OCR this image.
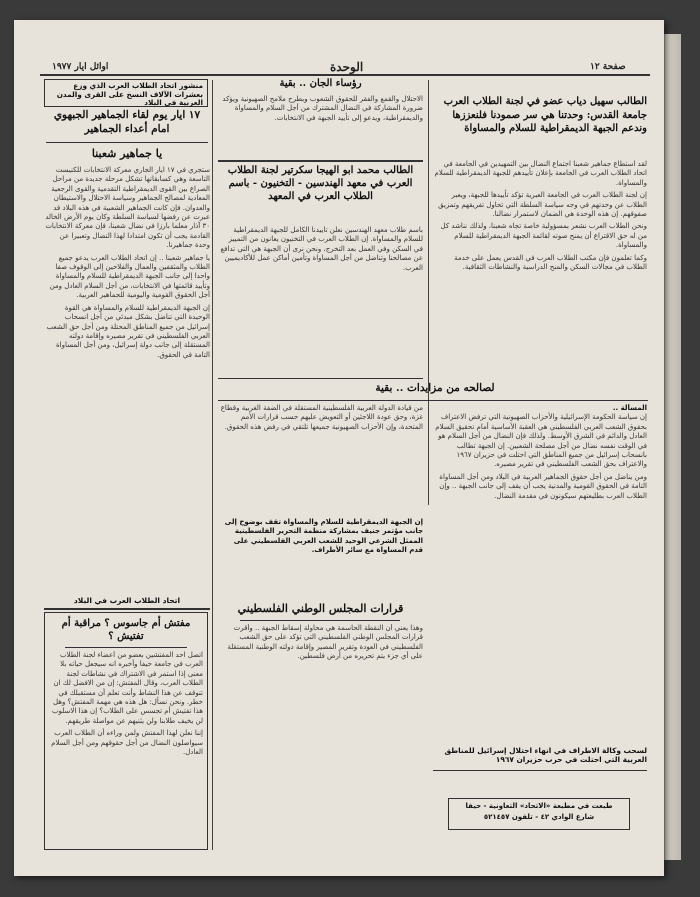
صفحة ١٢
الوحدة
اوائل ايار ١٩٧٧

منشور اتحاد الطلاب العرب الذي وزع بعشرات الآلاف النسخ على القرى والمدن العربية في البلاد

١٧ ايار يوم لقاء الجماهير الجبهوي امام أعداء الجماهير

يا جماهير شعبنا

ستجري في ١٧ ايار الجاري معركة الانتخابات للكنيست التاسعة وهي كسابقاتها تشكل مرحلة جديدة من مراحل الصراع بين القوى الديمقراطية التقدمية والقوى الرجعية المعادية لمصالح الجماهير وسياسة الاحتلال والاستيطان والعدوان. فإن كانت الجماهير الشعبية في هذه البلاد قد عبرت عن رفضها لسياسة السلطة وكان يوم الأرض الخالد ٣٠ آذار معلما بارزا في نضال شعبنا، فإن معركة الانتخابات القادمة يجب أن تكون امتدادا لهذا النضال وتعبيرا عن وحدة جماهيرنا.

يا جماهير شعبنا .. إن اتحاد الطلاب العرب يدعو جميع الطلاب والمثقفين والعمال والفلاحين إلى الوقوف صفا واحدا إلى جانب الجبهة الديمقراطية للسلام والمساواة وتأييد قائمتها في الانتخابات، من أجل السلام العادل ومن أجل الحقوق القومية واليومية للجماهير العربية.

إن الجبهة الديمقراطية للسلام والمساواة هي القوة الوحيدة التي تناضل بشكل مبدئي من أجل انسحاب إسرائيل من جميع المناطق المحتلة ومن أجل حق الشعب العربي الفلسطيني في تقرير مصيره وإقامة دولته المستقلة إلى جانب دولة إسرائيل، ومن أجل المساواة التامة في الحقوق.

اتحاد الطلاب العرب في البلاد

مفتش أم جاسوس ؟ مراقبة أم تفتيش ؟

اتصل احد المفتشين بعضو من أعضاء لجنة الطلاب العرب في جامعة حيفا وأخبره انه سيجعل حياته بلا معنى إذا استمر في الاشتراك في نشاطات لجنة الطلاب العرب، وقال المفتش: إن من الافضل لك ان تتوقف عن هذا النشاط وأنت تعلم أن مستقبلك في خطر. ونحن نسأل: هل هذه هي مهمة المفتش؟ وهل هذا تفتيش أم تجسس على الطلاب؟ إن هذا الاسلوب لن يخيف طلابنا ولن يثنيهم عن مواصلة طريقهم.

إننا نعلن لهذا المفتش ولمن وراءه أن الطلاب العرب سيواصلون النضال من أجل حقوقهم ومن أجل السلام العادل.

رؤساء الجان .. بقية

الاحتلال والقمع والفقر للحقوق الشعوب ويطرح ملامح الصهيونية ويؤكد ضرورة المشاركة في النضال المشترك من أجل السلام والمساواة والديمقراطية، ويدعو إلى تأييد الجبهة في الانتخابات.

الطالب محمد ابو الهيجا سكرتير لجنة الطلاب العرب في معهد الهندسين - التخنيون - باسم الطلاب العرب في المعهد

باسم طلاب معهد الهندسين نعلن تأييدنا الكامل للجبهة الديمقراطية للسلام والمساواة. إن الطلاب العرب في التخنيون يعانون من التمييز في السكن وفي العمل بعد التخرج، ونحن نرى أن الجبهة هي التي تدافع عن مصالحنا وتناضل من أجل المساواة وتأمين أماكن عمل للأكاديميين العرب.

لصالحه من مزايدات .. بقية

من قيادة الدولة العربية الفلسطينية المستقلة في الضفة الغربية وقطاع غزة، وحق عودة اللاجئين أو التعويض عليهم حسب قرارات الأمم المتحدة، وإن الأحزاب الصهيونية جميعها تلتقي في رفض هذه الحقوق.

إن الجبهة الديمقراطية للسلام والمساواة تقف بوضوح إلى جانب مؤتمر جنيف بمشاركة منظمة التحرير الفلسطينية الممثل الشرعي الوحيد للشعب العربي الفلسطيني على قدم المساواة مع سائر الأطراف.

قرارات المجلس الوطني الفلسطيني

وهذا يعني أن النقطة الحاسمة هي محاولة إسقاط الجبهة .. وأقرت قرارات المجلس الوطني الفلسطيني التي تؤكد على حق الشعب الفلسطيني في العودة وتقرير المصير وإقامة دولته الوطنية المستقلة على أي جزء يتم تحريره من أرض فلسطين.

الطالب سهيل دياب عضو في لجنة الطلاب العرب جامعة القدس: وحدتنا هي سر صمودنا فلنعززها وندعم الجبهة الديمقراطية للسلام والمساواة

لقد استطاع جماهير شعبنا اجتماع النضال بين التمهيدين في الجامعة في اتحاد الطلاب العرب في الجامعة بإعلان تأييدهم للجبهة الديمقراطية للسلام والمساواة.

إن لجنة الطلاب العرب في الجامعة العبرية تؤكد تأييدها للجبهة، ويعبر الطلاب عن وحدتهم في وجه سياسة السلطة التي تحاول تفريقهم وتمزيق صفوفهم. إن هذه الوحدة هي الضمان لاستمرار نضالنا.

ونحن الطلاب العرب نشعر بمسؤولية خاصة تجاه شعبنا، ولذلك نناشد كل من له حق الاقتراع أن يمنح صوته لقائمة الجبهة الديمقراطية للسلام والمساواة.

وكما تعلمون فإن مكتب الطلاب العرب في القدس يعمل على خدمة الطلاب في مجالات السكن والمنح الدراسية والنشاطات الثقافية.

المسألة ..

إن سياسة الحكومة الإسرائيلية والأحزاب الصهيونية التي ترفض الاعتراف بحقوق الشعب العربي الفلسطيني هي العقبة الأساسية أمام تحقيق السلام العادل والدائم في الشرق الأوسط. ولذلك فإن النضال من أجل السلام هو في الوقت نفسه نضال من أجل مصلحة الشعبين. إن الجبهة تطالب بانسحاب إسرائيل من جميع المناطق التي احتلت في حزيران ١٩٦٧ والاعتراف بحق الشعب الفلسطيني في تقرير مصيره.

ومن يناضل من أجل حقوق الجماهير العربية في البلاد ومن أجل المساواة التامة في الحقوق القومية والمدنية يجب أن يقف إلى جانب الجبهة .. وإن الطلاب العرب بطليعتهم سيكونون في مقدمة النضال.

لسحب وكالة الاطراف في انهاء احتلال إسرائيل للمناطق العربية التي احتلت في حرب حزيران ١٩٦٧

طبعت في مطبعة «الاتحاد» التعاونية - حيفا

شارع الوادي ٤٢ - تلفون ٥٢١٤٥٧
